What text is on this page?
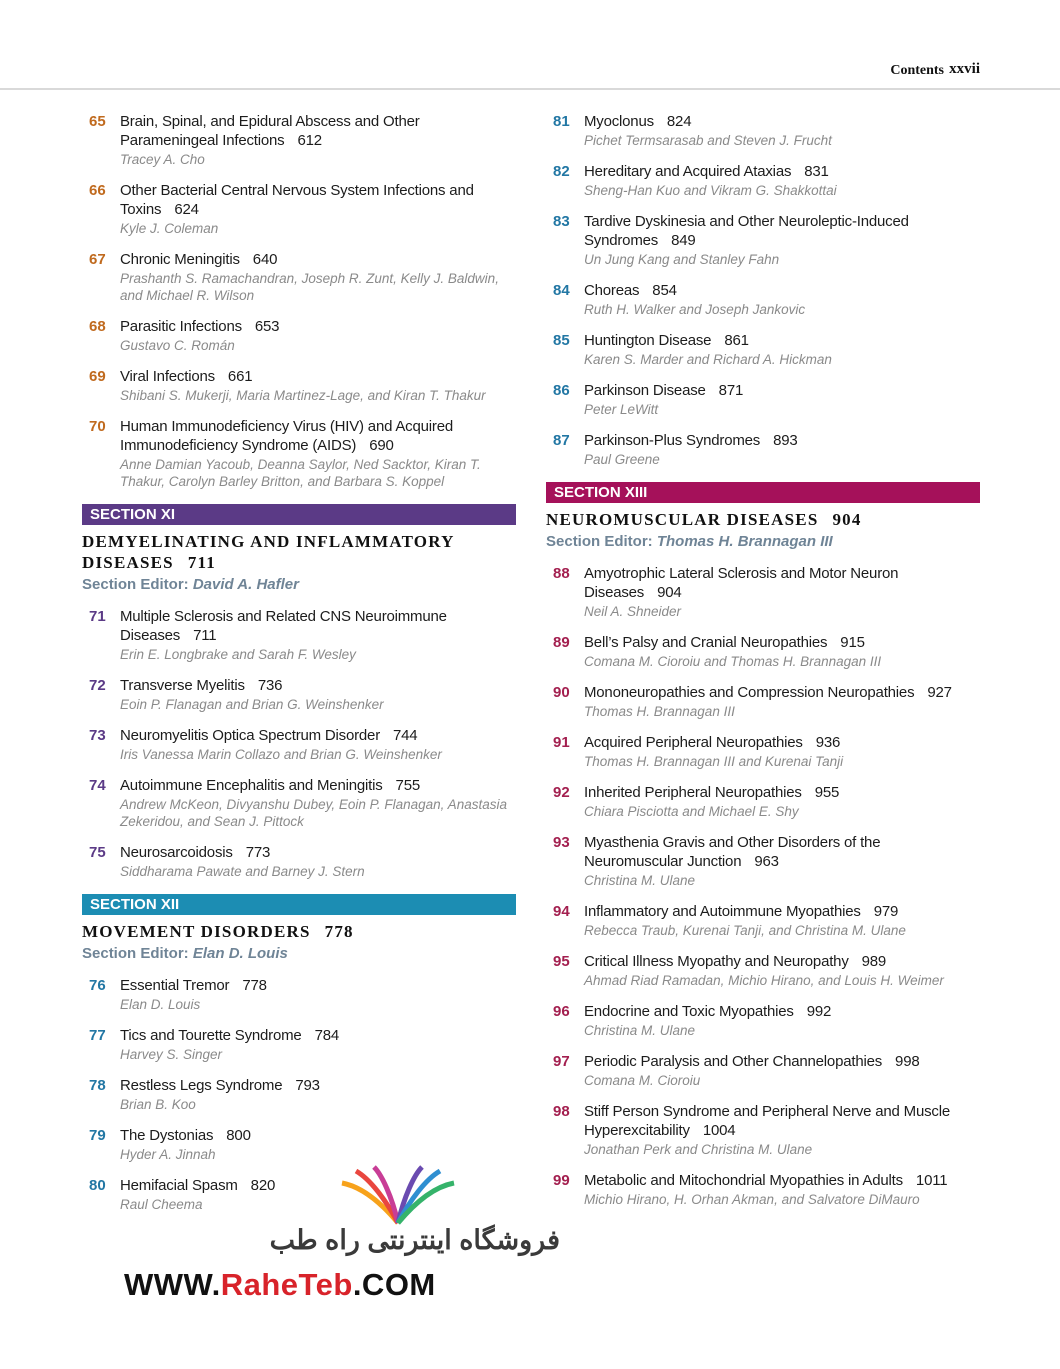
Contents xxvii
65 Brain, Spinal, and Epidural Abscess and Other Parameningeal Infections 612
Tracey A. Cho
66 Other Bacterial Central Nervous System Infections and Toxins 624
Kyle J. Coleman
67 Chronic Meningitis 640
Prashanth S. Ramachandran, Joseph R. Zunt, Kelly J. Baldwin, and Michael R. Wilson
68 Parasitic Infections 653
Gustavo C. Román
69 Viral Infections 661
Shibani S. Mukerji, Maria Martinez-Lage, and Kiran T. Thakur
70 Human Immunodeficiency Virus (HIV) and Acquired Immunodeficiency Syndrome (AIDS) 690
Anne Damian Yacoub, Deanna Saylor, Ned Sacktor, Kiran T. Thakur, Carolyn Barley Britton, and Barbara S. Koppel
SECTION XI
DEMYELINATING AND INFLAMMATORY DISEASES 711
Section Editor: David A. Hafler
71 Multiple Sclerosis and Related CNS Neuroimmune Diseases 711
Erin E. Longbrake and Sarah F. Wesley
72 Transverse Myelitis 736
Eoin P. Flanagan and Brian G. Weinshenker
73 Neuromyelitis Optica Spectrum Disorder 744
Iris Vanessa Marin Collazo and Brian G. Weinshenker
74 Autoimmune Encephalitis and Meningitis 755
Andrew McKeon, Divyanshu Dubey, Eoin P. Flanagan, Anastasia Zekeridou, and Sean J. Pittock
75 Neurosarcoidosis 773
Siddharama Pawate and Barney J. Stern
SECTION XII
MOVEMENT DISORDERS 778
Section Editor: Elan D. Louis
76 Essential Tremor 778
Elan D. Louis
77 Tics and Tourette Syndrome 784
Harvey S. Singer
78 Restless Legs Syndrome 793
Brian B. Koo
79 The Dystonias 800
Hyder A. Jinnah
80 Hemifacial Spasm 820
Raul Cheema
81 Myoclonus 824
Pichet Termsarasab and Steven J. Frucht
82 Hereditary and Acquired Ataxias 831
Sheng-Han Kuo and Vikram G. Shakkottai
83 Tardive Dyskinesia and Other Neuroleptic-Induced Syndromes 849
Un Jung Kang and Stanley Fahn
84 Choreas 854
Ruth H. Walker and Joseph Jankovic
85 Huntington Disease 861
Karen S. Marder and Richard A. Hickman
86 Parkinson Disease 871
Peter LeWitt
87 Parkinson-Plus Syndromes 893
Paul Greene
SECTION XIII
NEUROMUSCULAR DISEASES 904
Section Editor: Thomas H. Brannagan III
88 Amyotrophic Lateral Sclerosis and Motor Neuron Diseases 904
Neil A. Shneider
89 Bell’s Palsy and Cranial Neuropathies 915
Comana M. Cioroiu and Thomas H. Brannagan III
90 Mononeuropathies and Compression Neuropathies 927
Thomas H. Brannagan III
91 Acquired Peripheral Neuropathies 936
Thomas H. Brannagan III and Kurenai Tanji
92 Inherited Peripheral Neuropathies 955
Chiara Pisciotta and Michael E. Shy
93 Myasthenia Gravis and Other Disorders of the Neuromuscular Junction 963
Christina M. Ulane
94 Inflammatory and Autoimmune Myopathies 979
Rebecca Traub, Kurenai Tanji, and Christina M. Ulane
95 Critical Illness Myopathy and Neuropathy 989
Ahmad Riad Ramadan, Michio Hirano, and Louis H. Weimer
96 Endocrine and Toxic Myopathies 992
Christina M. Ulane
97 Periodic Paralysis and Other Channelopathies 998
Comana M. Cioroiu
98 Stiff Person Syndrome and Peripheral Nerve and Muscle Hyperexcitability 1004
Jonathan Perk and Christina M. Ulane
99 Metabolic and Mitochondrial Myopathies in Adults 1011
Michio Hirano, H. Orhan Akman, and Salvatore DiMauro
فروشگاه اینترنتی راه طب
WWW.RaheTeb.COM
